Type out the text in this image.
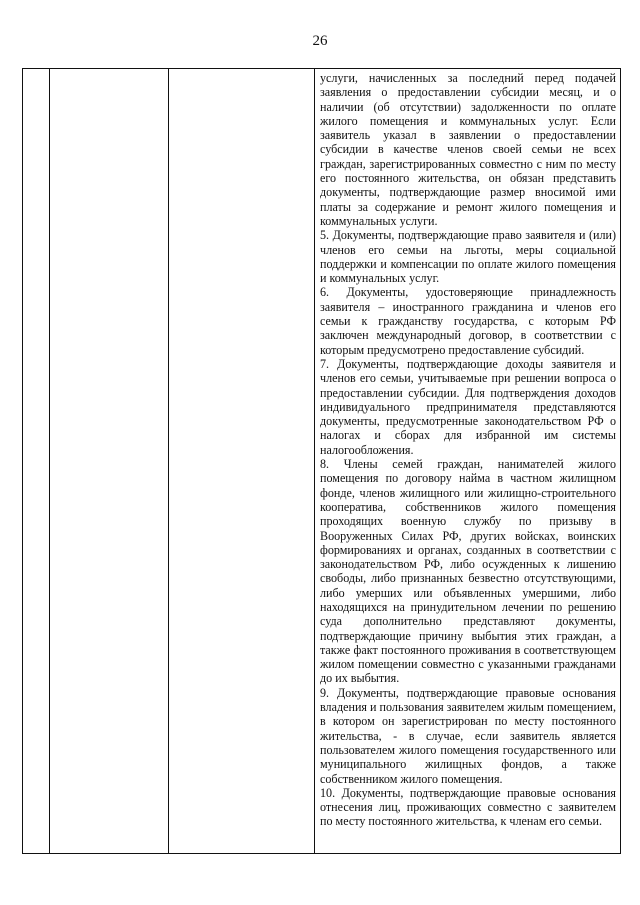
26

услуги, начисленных за последний перед подачей заявления о предоставлении субсидии месяц, и о наличии (об отсутствии) задолженности по оплате жилого помещения и коммунальных услуг. Если заявитель указал в заявлении о предоставлении субсидии в качестве членов своей семьи не всех граждан, зарегистрированных совместно с ним по месту его постоянного жительства, он обязан представить документы, подтверждающие размер вносимой ими платы за содержание и ремонт жилого помещения и коммунальных услуги.

5. Документы, подтверждающие право заявителя и (или) членов его семьи на льготы, меры социальной поддержки и компенсации по оплате жилого помещения и коммунальных услуг.

6. Документы, удостоверяющие принадлежность заявителя – иностранного гражданина и членов его семьи к гражданству государства, с которым РФ заключен международный договор, в соответствии с которым предусмотрено предоставление субсидий.

7. Документы, подтверждающие доходы заявителя и членов его семьи, учитываемые при решении вопроса о предоставлении субсидии. Для подтверждения доходов индивидуального предпринимателя представляются документы, предусмотренные законодательством РФ о налогах и сборах для избранной им системы налогообложения.

8. Члены семей граждан, нанимателей жилого помещения по договору найма в частном жилищном фонде, членов жилищного или жилищно-строительного кооператива, собственников жилого помещения проходящих военную службу по призыву в Вооруженных Силах РФ, других войсках, воинских формированиях и органах, созданных в соответствии с законодательством РФ, либо осужденных к лишению свободы, либо признанных безвестно отсутствующими, либо умерших или объявленных умершими, либо находящихся на принудительном лечении по решению суда дополнительно представляют документы, подтверждающие причину выбытия этих граждан, а также факт постоянного проживания в соответствующем жилом помещении совместно с указанными гражданами до их выбытия.

9. Документы, подтверждающие правовые основания владения и пользования заявителем жилым помещением, в котором он зарегистрирован по месту постоянного жительства, - в случае, если заявитель является пользователем жилого помещения государственного или муниципального жилищных фондов, а также собственником жилого помещения.

10. Документы, подтверждающие правовые основания отнесения лиц, проживающих совместно с заявителем по месту постоянного жительства, к членам его семьи.
